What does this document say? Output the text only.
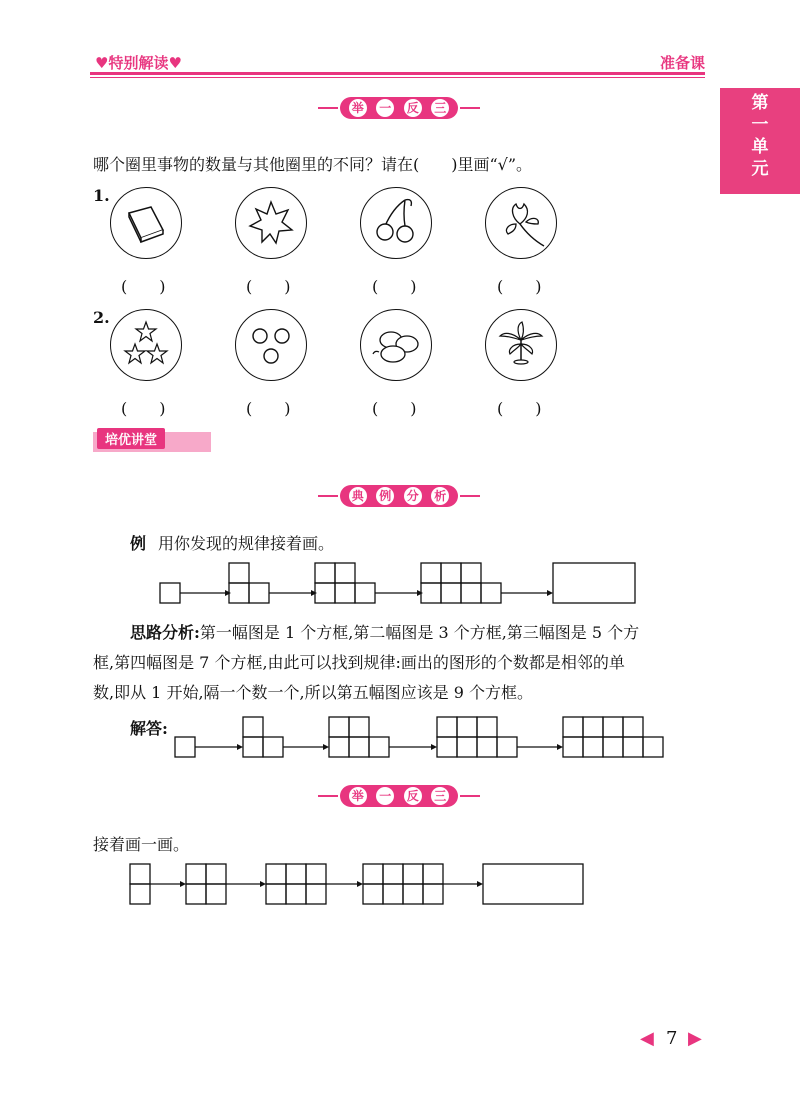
♥特别解读♥	准备课
第
一
单
元
举 一 反 三
哪个圈里事物的数量与其他圈里的不同？请在(　　)里画“√”。
1.
(　　)	(　　)	(　　)	(　　)
2.
(　　)	(　　)	(　　)	(　　)
培优讲堂
典 例 分 析
例 用你发现的规律接着画。
思路分析:第一幅图是 1 个方框,第二幅图是 3 个方框,第三幅图是 5 个方
框,第四幅图是 7 个方框,由此可以找到规律:画出的图形的个数都是相邻的单
数,即从 1 开始,隔一个数一个,所以第五幅图应该是 9 个方框。
解答:
举 一 反 三
接着画一画。
◀ 7 ▶
